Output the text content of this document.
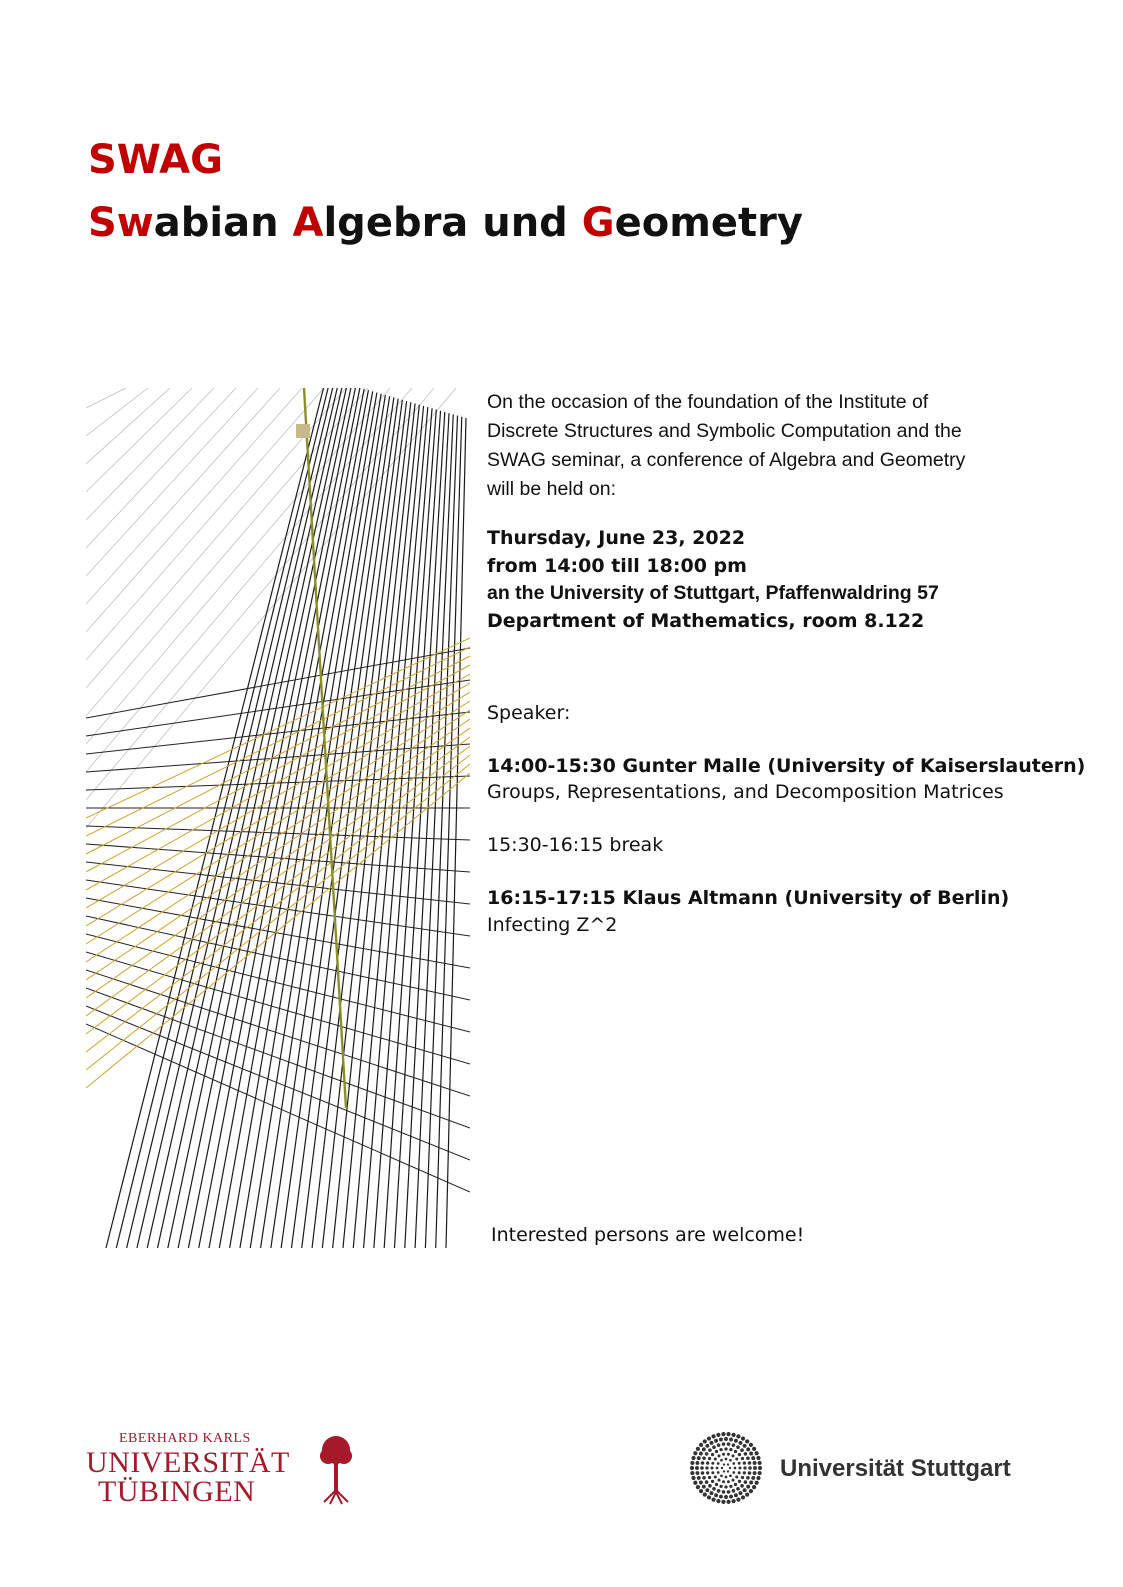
SWAG
Swabian Algebra und Geometry
On the occasion of the foundation of the Institute of
Discrete Structures and Symbolic Computation and the
SWAG seminar, a conference of Algebra and Geometry
will be held on:
Thursday, June 23, 2022
from 14:00 till 18:00 pm
an the University of Stuttgart, Pfaffenwaldring 57
Department of Mathematics, room 8.122
Speaker:
14:00-15:30 Gunter Malle (University of Kaiserslautern)
Groups, Representations, and Decomposition Matrices
15:30-16:15 break
16:15-17:15 Klaus Altmann (University of Berlin)
Infecting Z^2
Interested persons are welcome!
EBERHARD KARLS
UNIVERSITÄT
TÜBINGEN
Universität Stuttgart
